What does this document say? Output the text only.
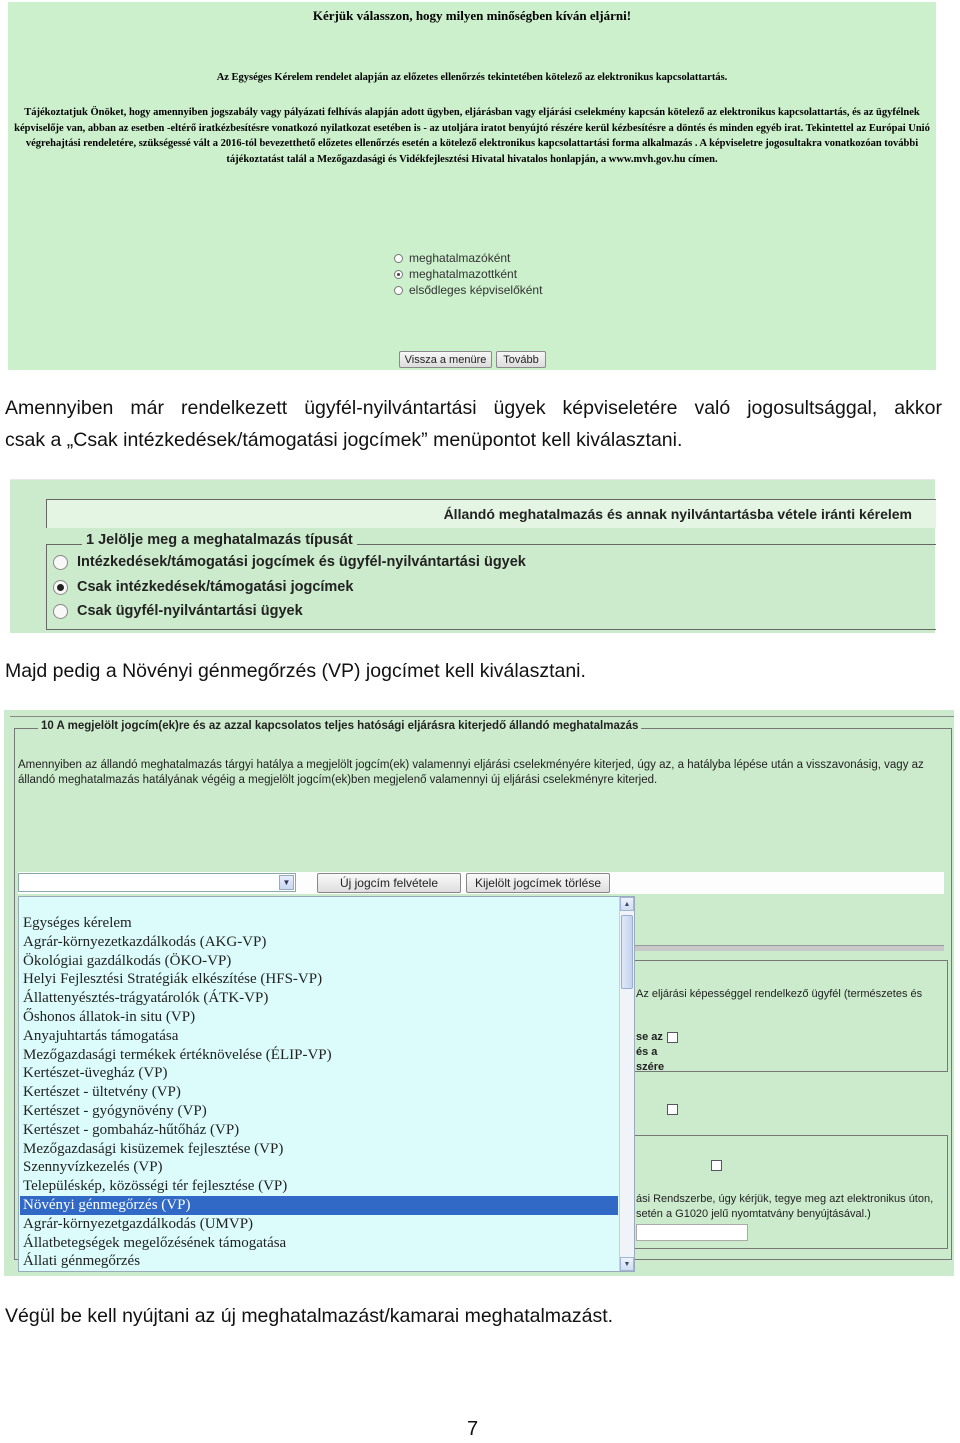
Kérjük válasszon, hogy milyen minőségben kíván eljárni!
Az Egységes Kérelem rendelet alapján az előzetes ellenőrzés tekintetében kötelező az elektronikus kapcsolattartás.
Tájékoztatjuk Önöket, hogy amennyiben jogszabály vagy pályázati felhívás alapján adott ügyben, eljárásban vagy eljárási cselekmény kapcsán kötelező az elektronikus kapcsolattartás, és az ügyfélnek képviselője van, abban az esetben -eltérő iratkézbesítésre vonatkozó nyilatkozat esetében is - az utoljára iratot benyújtó részére kerül kézbesítésre a döntés és minden egyéb irat. Tekintettel az Európai Unió végrehajtási rendeletére, szükségessé vált a 2016-tól bevezetthető előzetes ellenőrzés esetén a kötelező elektronikus kapcsolattartási forma alkalmazás . A képviseletre jogosultakra vonatkozóan további tájékoztatást talál a Mezőgazdasági és Vidékfejlesztési Hivatal hivatalos honlapján, a www.mvh.gov.hu címen.
meghatalmazóként
meghatalmazottként
elsődleges képviselőként
Vissza a menüre	Tovább
Amennyiben már rendelkezett ügyfél-nyilvántartási ügyek képviseletére való jogosultsággal, akkor
csak a „Csak intézkedések/támogatási jogcímek” menüpontot kell kiválasztani.
Állandó meghatalmazás és annak nyilvántartásba vétele iránti kérelem
1 Jelölje meg a meghatalmazás típusát
Intézkedések/támogatási jogcímek és ügyfél-nyilvántartási ügyek
Csak intézkedések/támogatási jogcímek
Csak ügyfél-nyilvántartási ügyek
Majd pedig a Növényi génmegőrzés (VP) jogcímet kell kiválasztani.
10 A megjelölt jogcím(ek)re és az azzal kapcsolatos teljes hatósági eljárásra kiterjedő állandó meghatalmazás
Amennyiben az állandó meghatalmazás tárgyi hatálya a megjelölt jogcím(ek) valamennyi eljárási cselekményére kiterjed, úgy az, a hatályba lépése után a visszavonásig, vagy az állandó meghatalmazás hatályának végéig a megjelölt jogcím(ek)ben megjelenő valamennyi új eljárási cselekményre kiterjed.
Az eljárási képességgel rendelkező ügyfél (természetes és
se az
és a
szére
ási Rendszerbe, úgy kérjük, tegye meg azt elektronikus úton,
setén a G1020 jelű nyomtatvány benyújtásával.)
▼	Új jogcím felvétele	Kijelölt jogcímek törlése
Egységes kérelem
Agrár-környezetkazdálkodás (AKG-VP)
Ökológiai gazdálkodás (ÖKO-VP)
Helyi Fejlesztési Stratégiák elkészítése (HFS-VP)
Állattenyésztés-trágyatárolók (ÁTK-VP)
Őshonos állatok-in situ (VP)
Anyajuhtartás támogatása
Mezőgazdasági termékek értéknövelése (ÉLIP-VP)
Kertészet-üvegház (VP)
Kertészet - ültetvény (VP)
Kertészet - gyógynövény (VP)
Kertészet - gombaház-hűtőház (VP)
Mezőgazdasági kisüzemek fejlesztése (VP)
Szennyvízkezelés (VP)
Településkép, közösségi tér fejlesztése (VP)
Növényi génmegőrzés (VP)
Agrár-környezetgazdálkodás (UMVP)
Állatbetegségek megelőzésének támogatása
Állati génmegőrzés
▲
▼
Végül be kell nyújtani az új meghatalmazást/kamarai meghatalmazást.
7
